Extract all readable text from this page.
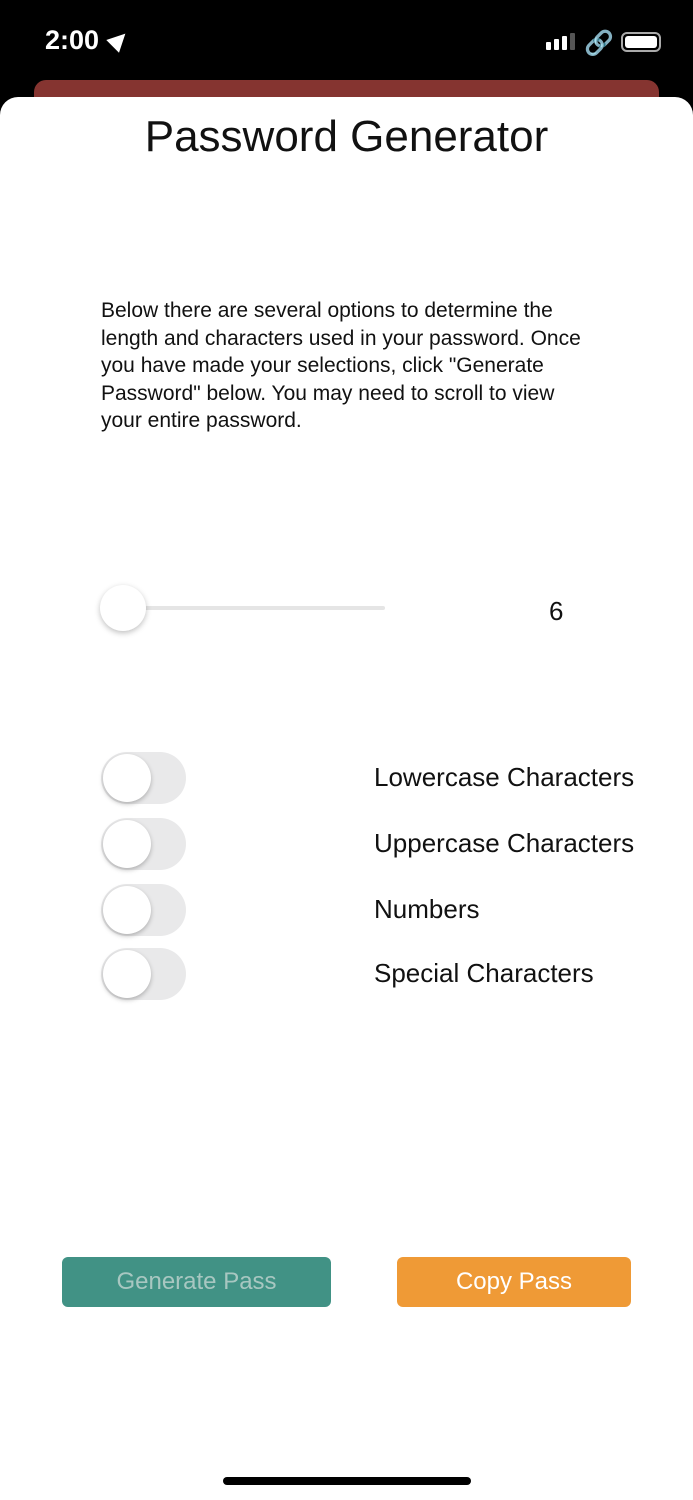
2:00	🔗
Password Generator

Below there are several options to determine the length and characters used in your password. Once you have made your selections, click "Generate Password" below. You may need to scroll to view your entire password.

6
Lowercase Characters
Uppercase Characters
Numbers
Special Characters
Generate Pass	Copy Pass
